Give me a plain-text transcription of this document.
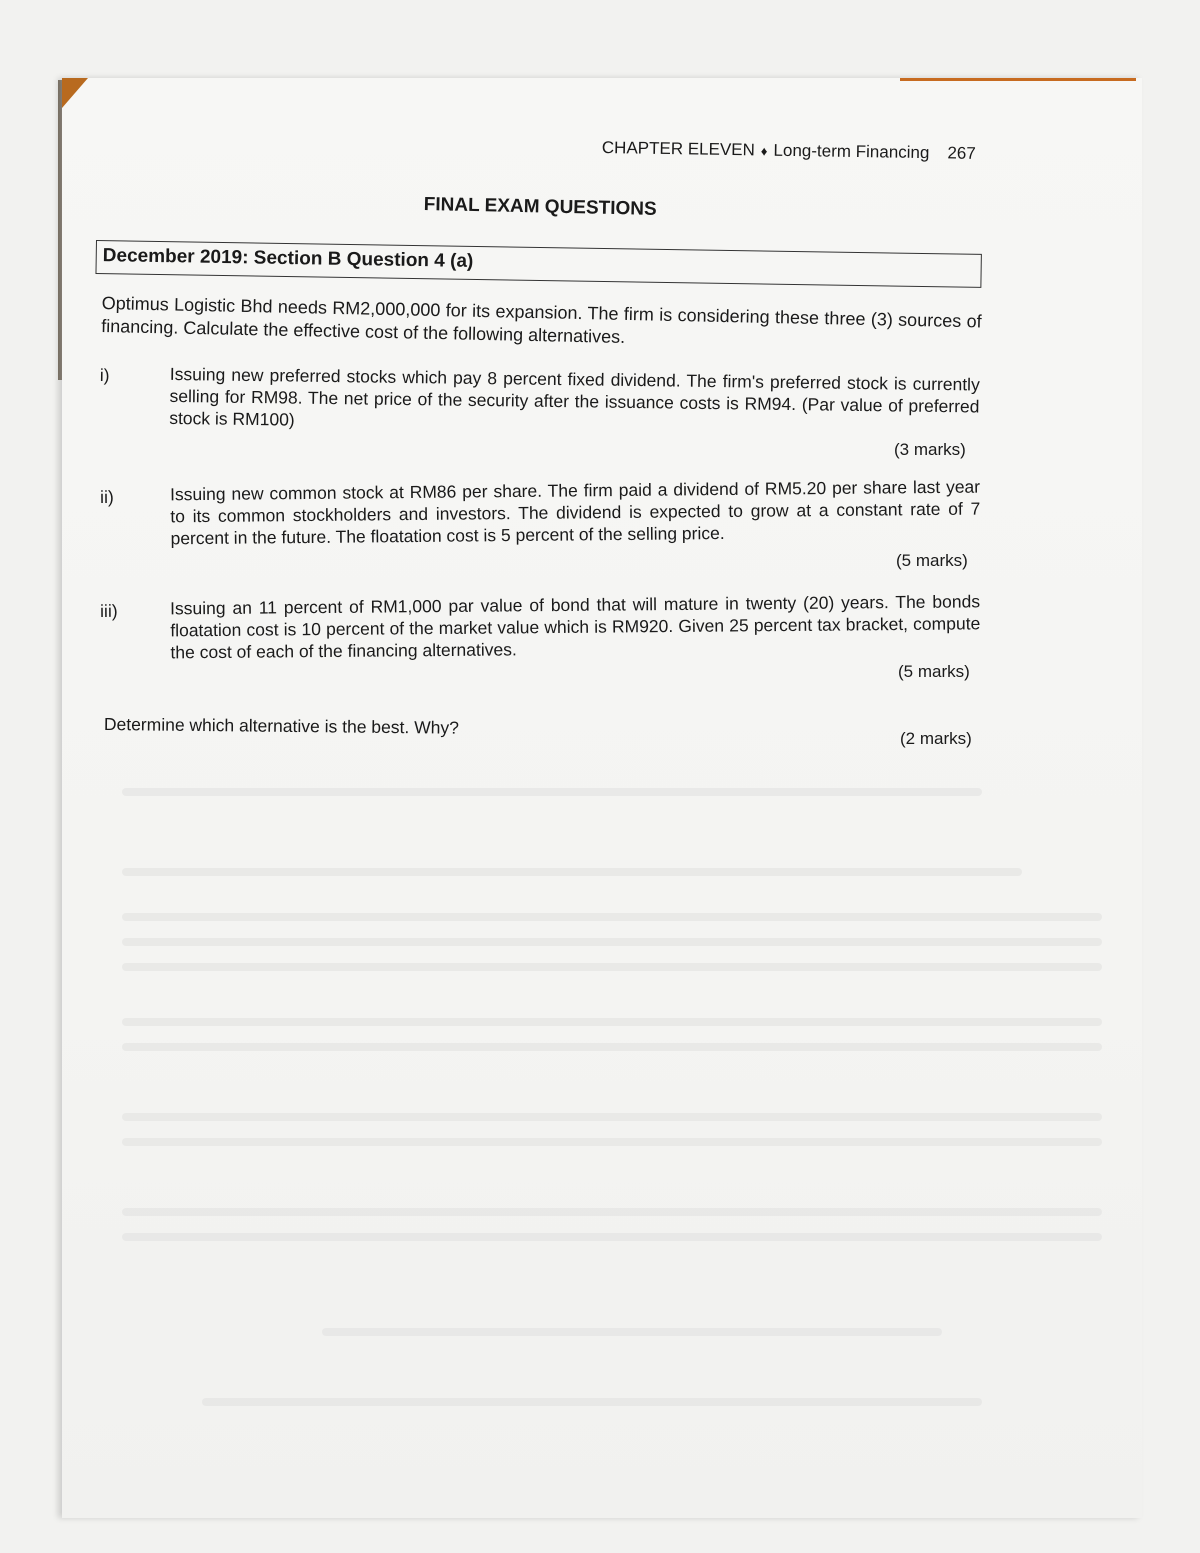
CHAPTER ELEVEN ♦ Long-term Financing 267
FINAL EXAM QUESTIONS
December 2019: Section B Question 4 (a)
Optimus Logistic Bhd needs RM2,000,000 for its expansion. The firm is considering these three (3) sources of financing. Calculate the effective cost of the following alternatives.
i)	Issuing new preferred stocks which pay 8 percent fixed dividend. The firm's preferred stock is currently selling for RM98. The net price of the security after the issuance costs is RM94. (Par value of preferred stock is RM100)
(3 marks)
ii)	Issuing new common stock at RM86 per share. The firm paid a dividend of RM5.20 per share last year to its common stockholders and investors. The dividend is expected to grow at a constant rate of 7 percent in the future. The floatation cost is 5 percent of the selling price.
(5 marks)
iii)	Issuing an 11 percent of RM1,000 par value of bond that will mature in twenty (20) years. The bonds floatation cost is 10 percent of the market value which is RM920. Given 25 percent tax bracket, compute the cost of each of the financing alternatives.
(5 marks)
Determine which alternative is the best. Why?
(2 marks)
